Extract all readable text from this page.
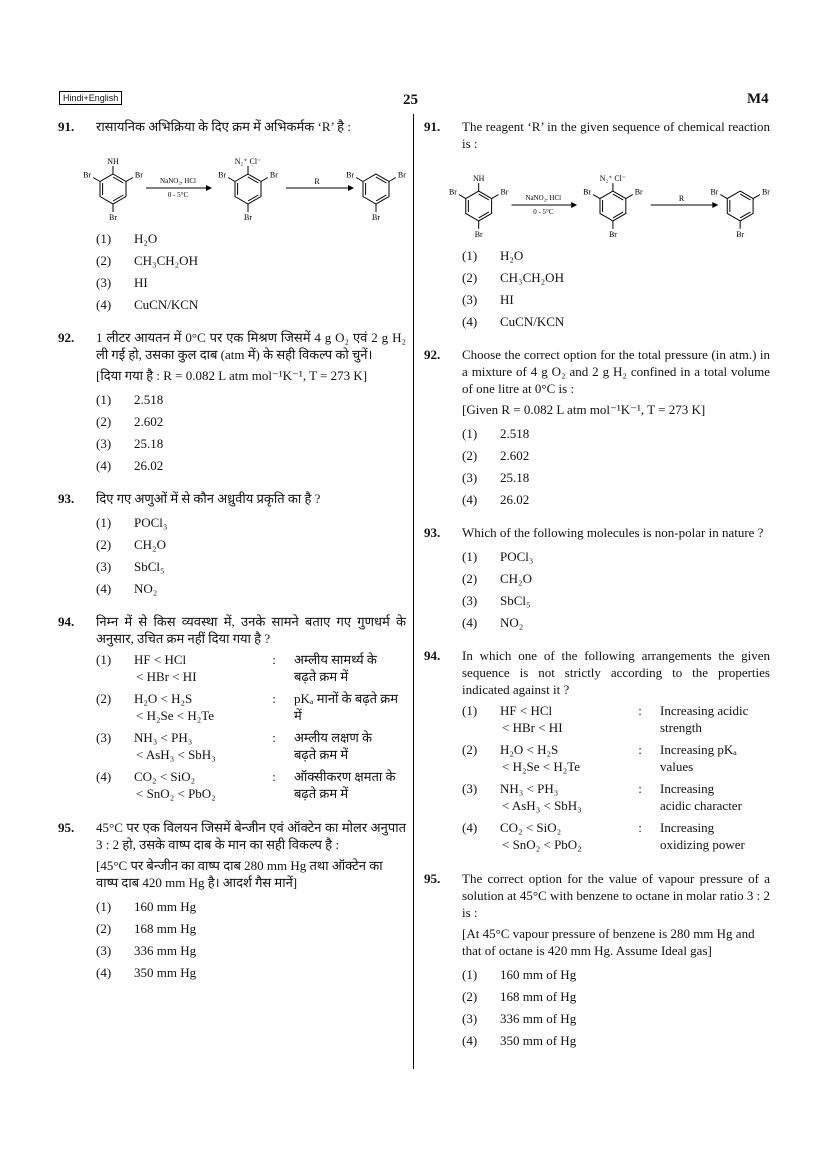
Hindi+English	25	M4
91.	रासायनिक अभिक्रिया के दिए क्रम में अभिकर्मक ‘R’ है :

NH
Br
Br
Br
NaNO₂, HCl
0 - 5°C
N₂⁺ Cl⁻
Br
Br
Br
R
Br
Br
Br
(1)	H₂O
(2)	CH₃CH₂OH
(3)	HI
(4)	CuCN/KCN
92.	1 लीटर आयतन में 0°C पर एक मिश्रण जिसमें 4 g O₂ एवं 2 g H₂ ली गई हो, उसका कुल दाब (atm में) के सही विकल्प को चुनें।

[दिया गया है : R = 0.082 L atm mol⁻¹K⁻¹, T = 273 K]

(1)	2.518
(2)	2.602
(3)	25.18
(4)	26.02
93.	दिए गए अणुओं में से कौन अध्रुवीय प्रकृति का है ?

(1)	POCl₃
(2)	CH₂O
(3)	SbCl₅
(4)	NO₂
94.	निम्न में से किस व्यवस्था में, उनके सामने बताए गए गुणधर्म के अनुसार, उचित क्रम नहीं दिया गया है ?

(1)	HF < HCl
< HBr < HI
:	अम्लीय सामर्थ्य के
बढ़ते क्रम में
(2)	H₂O < H₂S
< H₂Se < H₂Te
:	pKₐ मानों के बढ़ते क्रम
में
(3)	NH₃ < PH₃
< AsH₃ < SbH₃
:	अम्लीय लक्षण के
बढ़ते क्रम में
(4)	CO₂ < SiO₂
< SnO₂ < PbO₂
:	ऑक्सीकरण क्षमता के
बढ़ते क्रम में
95.	45°C पर एक विलयन जिसमें बेन्जीन एवं ऑक्टेन का मोलर अनुपात 3 : 2 हो, उसके वाष्प दाब के मान का सही विकल्प है :

[45°C पर बेन्जीन का वाष्प दाब 280 mm Hg तथा ऑक्टेन का वाष्प दाब 420 mm Hg है। आदर्श गैस मानें]

(1)	160 mm Hg
(2)	168 mm Hg
(3)	336 mm Hg
(4)	350 mm Hg
91.	The reagent ‘R’ in the given sequence of chemical reaction is :

NH
Br
Br
Br
NaNO₂, HCl
0 - 5°C
N₂⁺ Cl⁻
Br
Br
Br
R
Br
Br
Br
(1)	H₂O
(2)	CH₃CH₂OH
(3)	HI
(4)	CuCN/KCN
92.	Choose the correct option for the total pressure (in atm.) in a mixture of 4 g O₂ and 2 g H₂ confined in a total volume of one litre at 0°C is :

[Given R = 0.082 L atm mol⁻¹K⁻¹, T = 273 K]

(1)	2.518
(2)	2.602
(3)	25.18
(4)	26.02
93.	Which of the following molecules is non-polar in nature ?

(1)	POCl₃
(2)	CH₂O
(3)	SbCl₅
(4)	NO₂
94.	In which one of the following arrangements the given sequence is not strictly according to the properties indicated against it ?

(1)	HF < HCl
< HBr < HI
:	Increasing acidic
strength
(2)	H₂O < H₂S
< H₂Se < H₂Te
:	Increasing pKₐ
values
(3)	NH₃ < PH₃
< AsH₃ < SbH₃
:	Increasing
acidic character
(4)	CO₂ < SiO₂
< SnO₂ < PbO₂
:	Increasing
oxidizing power
95.	The correct option for the value of vapour pressure of a solution at 45°C with benzene to octane in molar ratio 3 : 2 is :

[At 45°C vapour pressure of benzene is 280 mm Hg and that of octane is 420 mm Hg. Assume Ideal gas]

(1)	160 mm of Hg
(2)	168 mm of Hg
(3)	336 mm of Hg
(4)	350 mm of Hg
